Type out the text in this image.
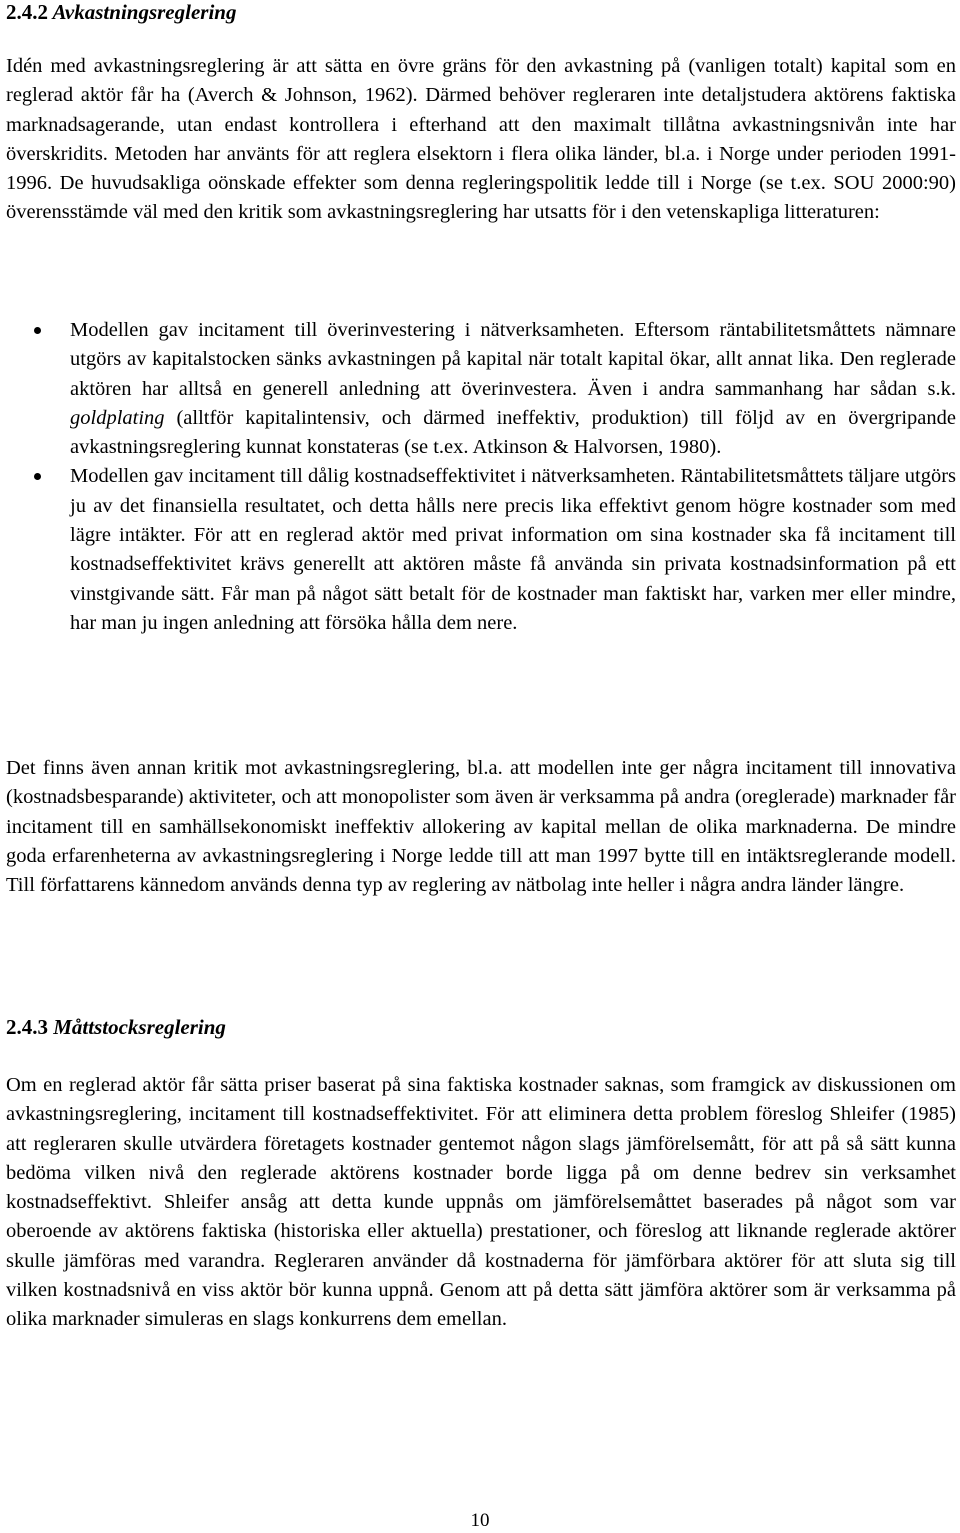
2.4.2 Avkastningsreglering

Idén med avkastningsreglering är att sätta en övre gräns för den avkastning på (vanligen totalt) kapital som en reglerad aktör får ha (Averch & Johnson, 1962). Därmed behöver regleraren inte detaljstudera aktörens faktiska marknadsagerande, utan endast kontrollera i efterhand att den maximalt tillåtna avkastningsnivån inte har överskridits. Metoden har använts för att reglera elsektorn i flera olika länder, bl.a. i Norge under perioden 1991-1996. De huvudsakliga oönskade effekter som denna regleringspolitik ledde till i Norge (se t.ex. SOU 2000:90) överensstämde väl med den kritik som avkastningsreglering har utsatts för i den vetenskapliga litteraturen:

Modellen gav incitament till överinvestering i nätverksamheten. Eftersom räntabilitetsmåttets nämnare utgörs av kapitalstocken sänks avkastningen på kapital när totalt kapital ökar, allt annat lika. Den reglerade aktören har alltså en generell anledning att överinvestera. Även i andra sammanhang har sådan s.k. goldplating (alltför kapitalintensiv, och därmed ineffektiv, produktion) till följd av en övergripande avkastningsreglering kunnat konstateras (se t.ex. Atkinson & Halvorsen, 1980).
Modellen gav incitament till dålig kostnadseffektivitet i nätverksamheten. Räntabilitetsmåttets täljare utgörs ju av det finansiella resultatet, och detta hålls nere precis lika effektivt genom högre kostnader som med lägre intäkter. För att en reglerad aktör med privat information om sina kostnader ska få incitament till kostnadseffektivitet krävs generellt att aktören måste få använda sin privata kostnadsinformation på ett vinstgivande sätt. Får man på något sätt betalt för de kostnader man faktiskt har, varken mer eller mindre, har man ju ingen anledning att försöka hålla dem nere.

Det finns även annan kritik mot avkastningsreglering, bl.a. att modellen inte ger några incitament till innovativa (kostnadsbesparande) aktiviteter, och att monopolister som även är verksamma på andra (oreglerade) marknader får incitament till en samhällsekonomiskt ineffektiv allokering av kapital mellan de olika marknaderna. De mindre goda erfarenheterna av avkastningsreglering i Norge ledde till att man 1997 bytte till en intäktsreglerande modell. Till författarens kännedom används denna typ av reglering av nätbolag inte heller i några andra länder längre.

2.4.3 Måttstocksreglering

Om en reglerad aktör får sätta priser baserat på sina faktiska kostnader saknas, som framgick av diskussionen om avkastningsreglering, incitament till kostnadseffektivitet. För att eliminera detta problem föreslog Shleifer (1985) att regleraren skulle utvärdera företagets kostnader gentemot någon slags jämförelsemått, för att på så sätt kunna bedöma vilken nivå den reglerade aktörens kostnader borde ligga på om denne bedrev sin verksamhet kostnadseffektivt. Shleifer ansåg att detta kunde uppnås om jämförelsemåttet baserades på något som var oberoende av aktörens faktiska (historiska eller aktuella) prestationer, och föreslog att liknande reglerade aktörer skulle jämföras med varandra. Regleraren använder då kostnaderna för jämförbara aktörer för att sluta sig till vilken kostnadsnivå en viss aktör bör kunna uppnå. Genom att på detta sätt jämföra aktörer som är verksamma på olika marknader simuleras en slags konkurrens dem emellan.

10
